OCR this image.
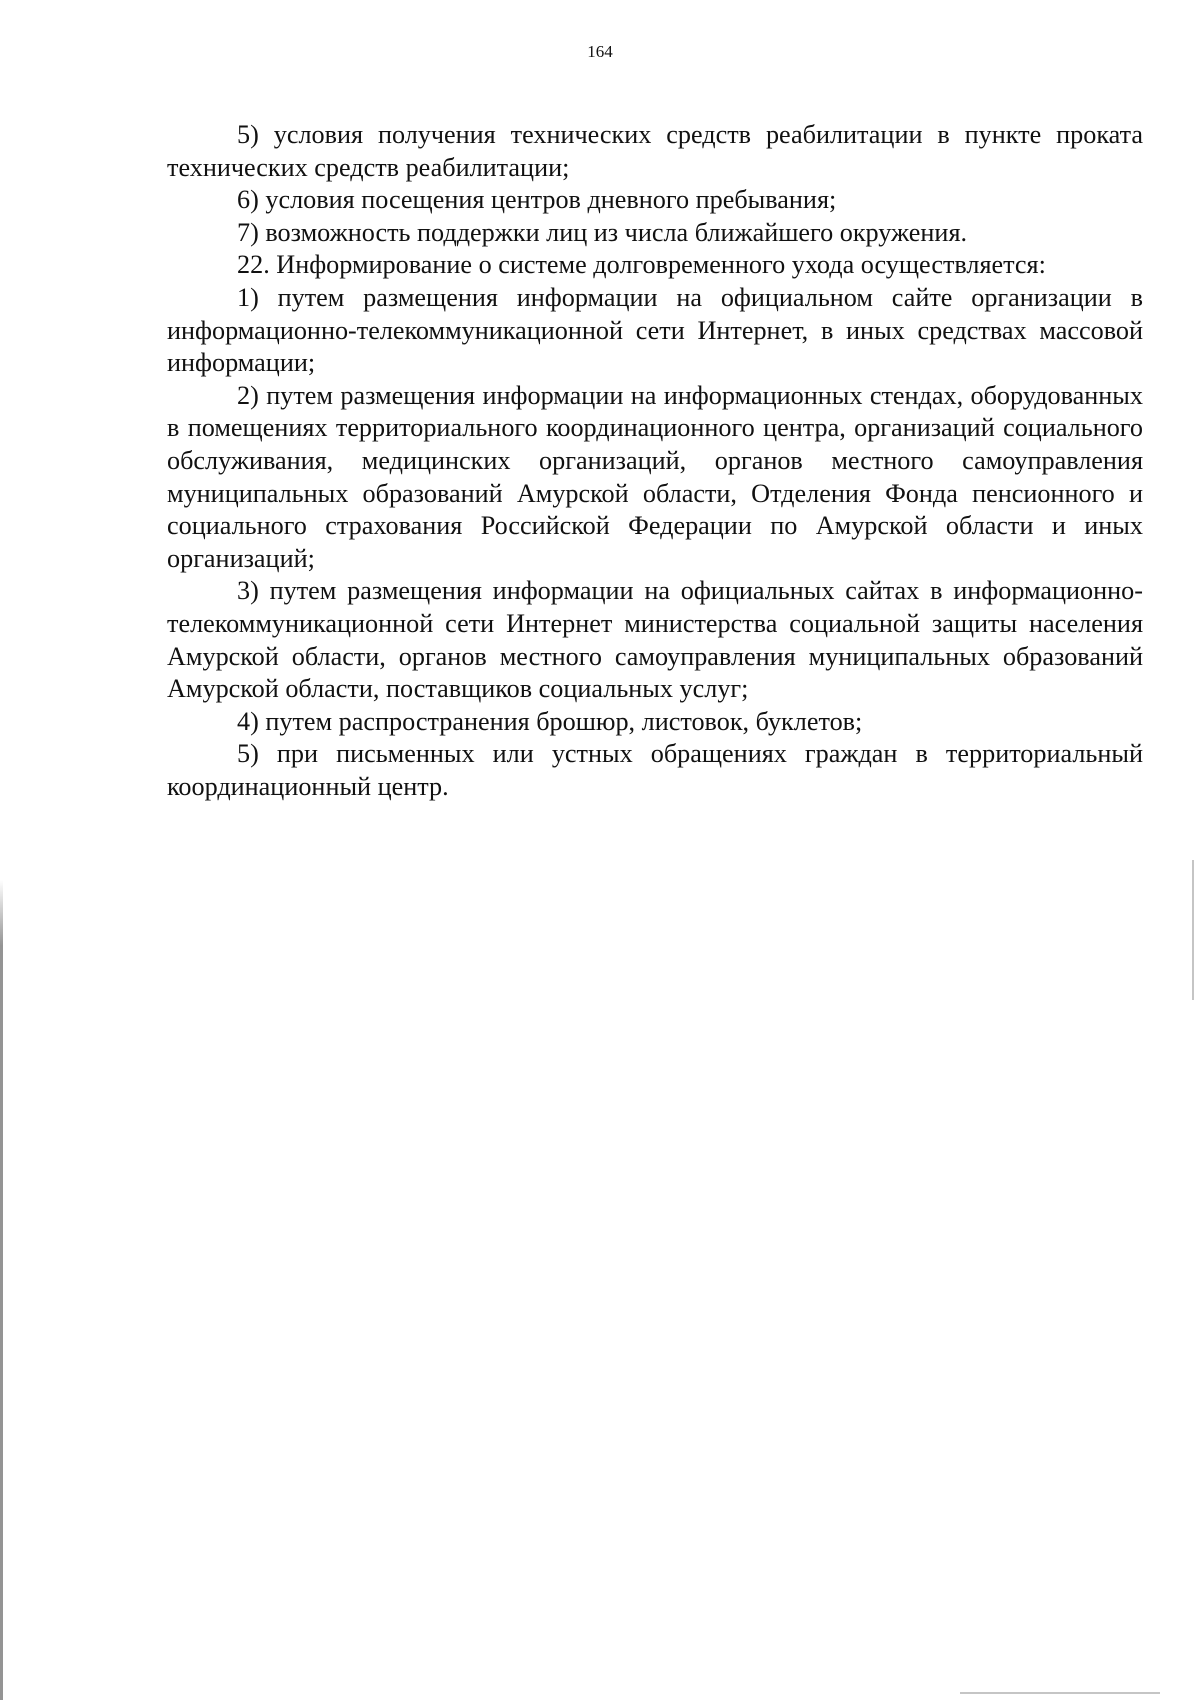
164

5) условия получения технических средств реабилитации в пункте проката технических средств реабилитации;

6) условия посещения центров дневного пребывания;

7) возможность поддержки лиц из числа ближайшего окружения.

22. Информирование о системе долговременного ухода осуществляется:

1) путем размещения информации на официальном сайте организации в информационно-телекоммуникационной сети Интернет, в иных средствах массовой информации;

2) путем размещения информации на информационных стендах, оборудованных в помещениях территориального координационного центра, организаций социального обслуживания, медицинских организаций, органов местного самоуправления муниципальных образований Амурской области, Отделения Фонда пенсионного и социального страхования Российской Федерации по Амурской области и иных организаций;

3) путем размещения информации на официальных сайтах в информационно-телекоммуникационной сети Интернет министерства социальной защиты населения Амурской области, органов местного самоуправления муниципальных образований Амурской области, поставщиков социальных услуг;

4) путем распространения брошюр, листовок, буклетов;

5) при письменных или устных обращениях граждан в территориальный координационный центр.
